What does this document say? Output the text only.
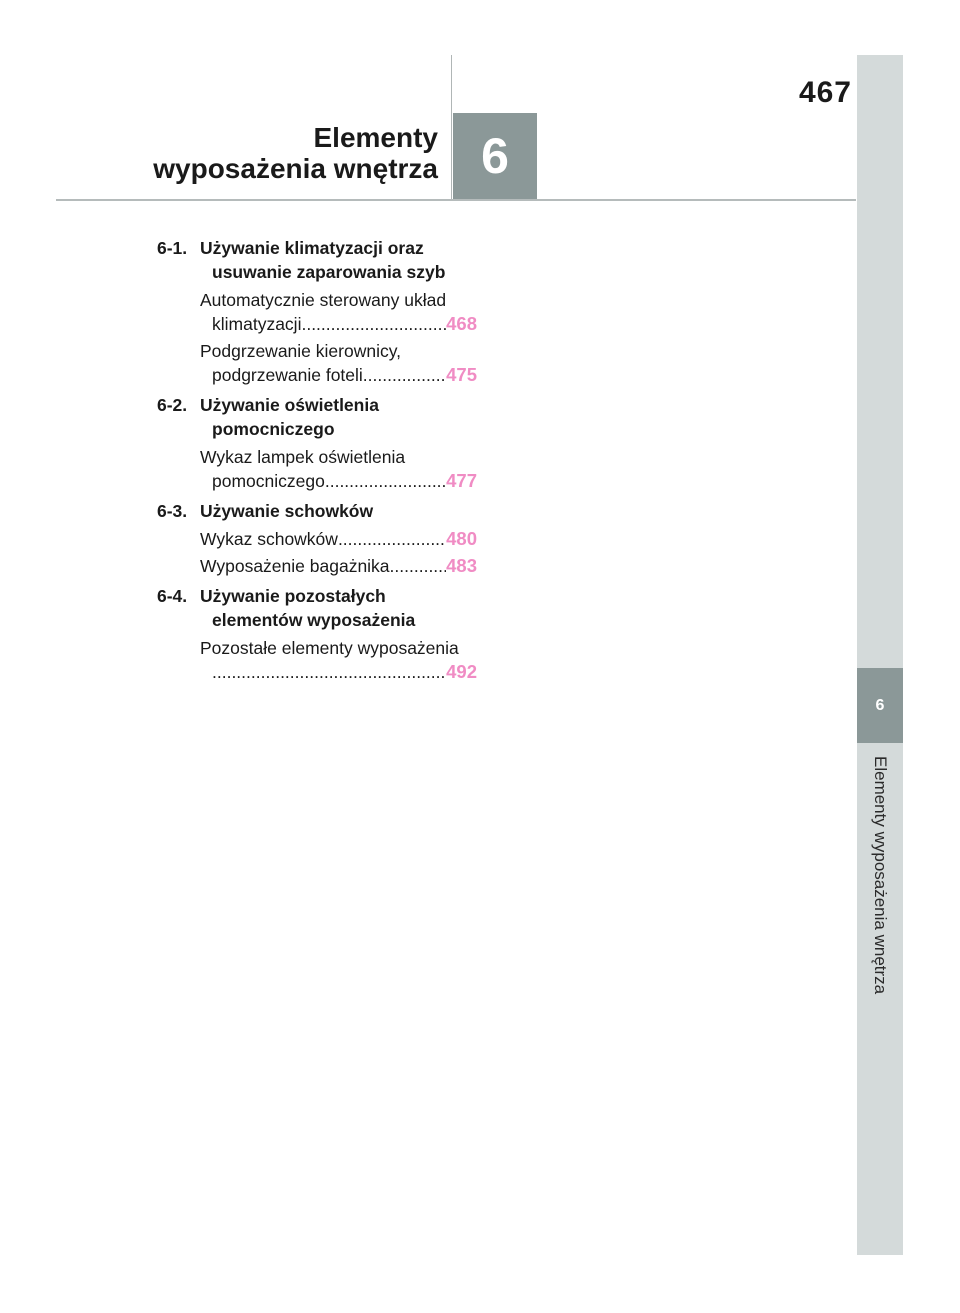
467
Elementy
wyposażenia wnętrza 6
6
Elementy wyposażenia wnętrza
6-1. Używanie klimatyzacji oraz usuwanie zaparowania szyb
Automatycznie sterowany układ
klimatyzacji .....	468
Podgrzewanie kierownicy,
podgrzewanie foteli .....	475
6-2. Używanie oświetlenia pomocniczego
Wykaz lampek oświetlenia
pomocniczego .....	477
6-3. Używanie schowków
Wykaz schowków .....	480
Wyposażenie bagażnika .....	483
6-4. Używanie pozostałych elementów wyposażenia
Pozostałe elementy wyposażenia
.....
492
